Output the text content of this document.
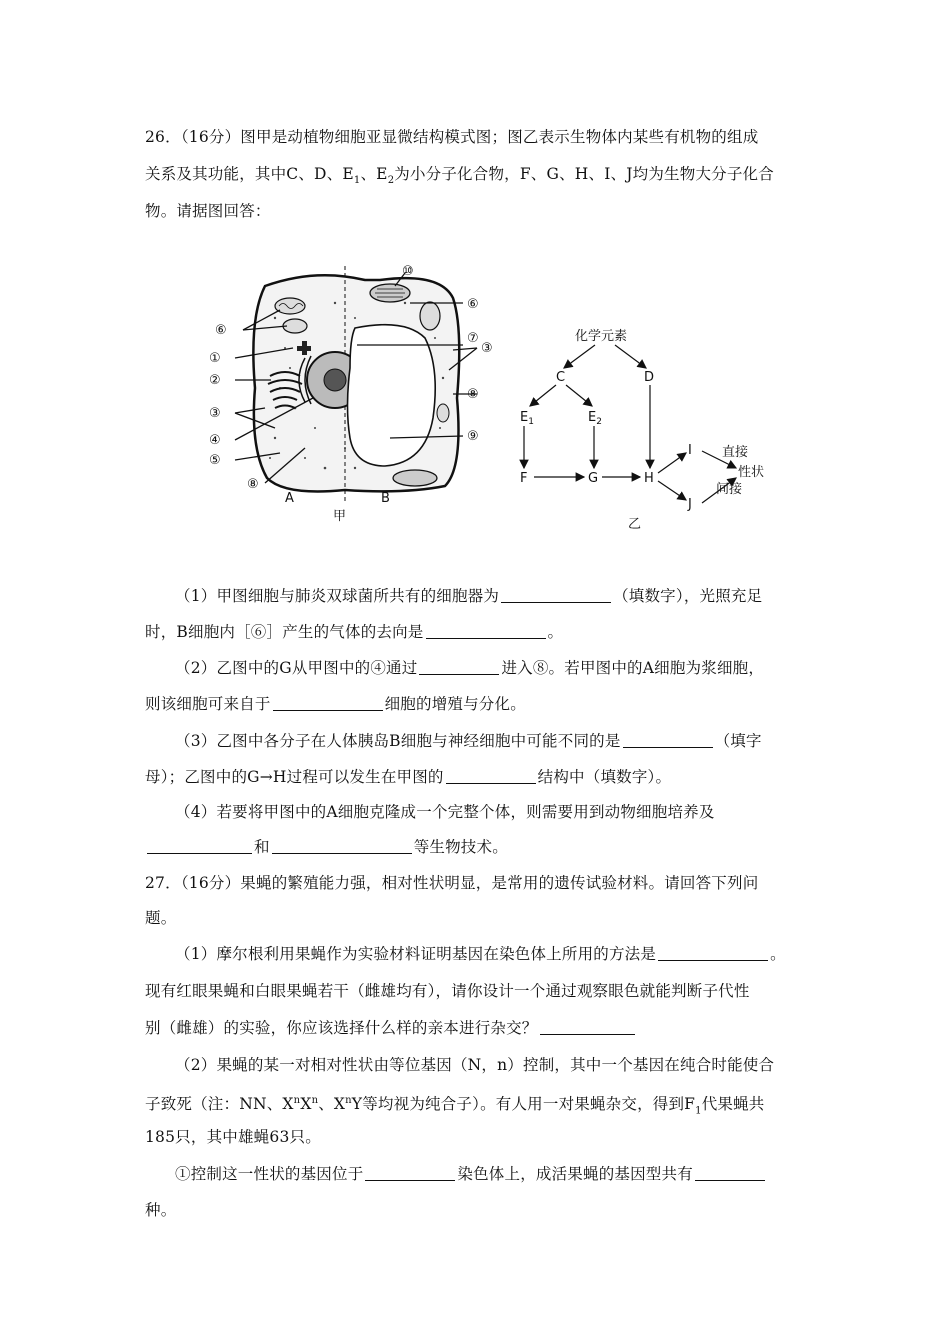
26．（16分）图甲是动植物细胞亚显微结构模式图；图乙表示生物体内某些有机物的组成
关系及其功能，其中C、D、$E_1$、$E_2$为小分子化合物，F、G、H、I、J均为生物大分子化合
物。请据图回答：
⑥
①
②
③
④
⑤
⑧
⑩
⑥
⑦
③
⑧
⑨
A	B
甲
化学元素
C	D
$E_1$	$E_2$
F	G	H
I
J
直接
间接
性状
乙
（1）甲图细胞与肺炎双球菌所共有的细胞器为	（填数字），光照充足
时，B细胞内［⑥］产生的气体的去向是	。
（2）乙图中的G从甲图中的④通过	进入⑧。若甲图中的A细胞为浆细胞，
则该细胞可来自于	细胞的增殖与分化。
（3）乙图中各分子在人体胰岛B细胞与神经细胞中可能不同的是	（填字
母）；乙图中的G→H过程可以发生在甲图的	结构中（填数字）。
（4）若要将甲图中的A细胞克隆成一个完整个体，则需要用到动物细胞培养及
和	等生物技术。
27．（16分）果蝇的繁殖能力强，相对性状明显，是常用的遗传试验材料。请回答下列问
题。
（1）摩尔根利用果蝇作为实验材料证明基因在染色体上所用的方法是	。
现有红眼果蝇和白眼果蝇若干（雌雄均有），请你设计一个通过观察眼色就能判断子代性
别（雌雄）的实验，你应该选择什么样的亲本进行杂交？
（2）果蝇的某一对相对性状由等位基因（N，n）控制，其中一个基因在纯合时能使合
子致死（注：NN、$X^nX^n$、$X^nY$等均视为纯合子）。有人用一对果蝇杂交，得到$F_1$代果蝇共
185只，其中雄蝇63只。
①控制这一性状的基因位于	染色体上，成活果蝇的基因型共有
种。
